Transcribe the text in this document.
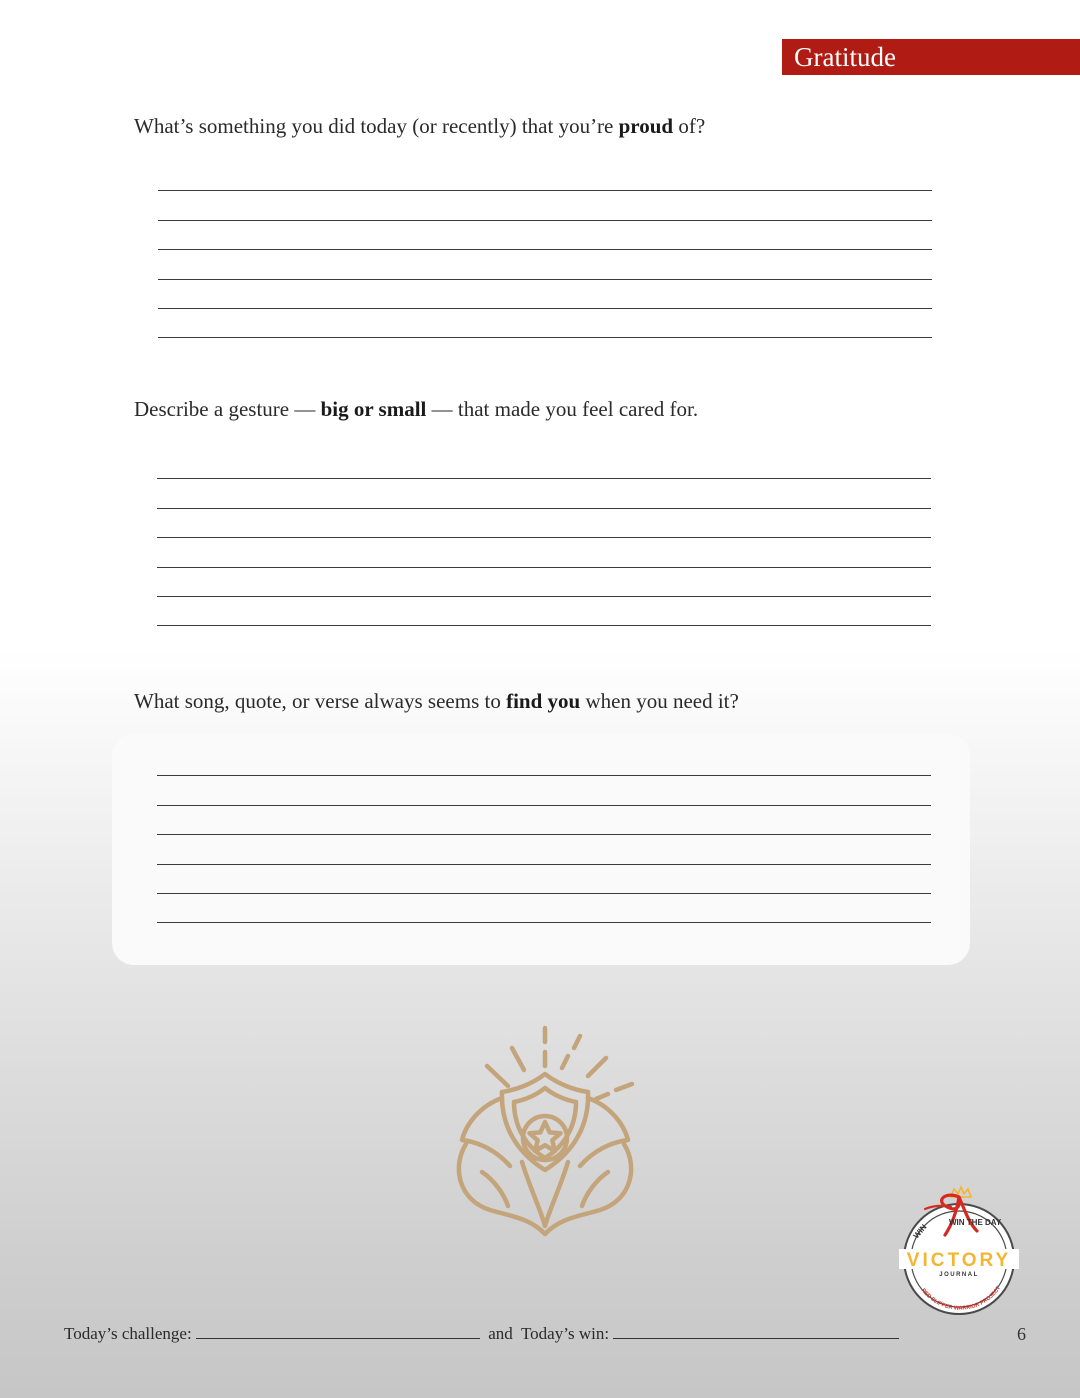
Gratitude
What’s something you did today (or recently) that you’re proud of?
Describe a gesture — big or small — that made you feel cared for.
What song, quote, or verse always seems to find you when you need it?
WIN
WIN THE DAY
VICTORY
JOURNAL
RED SLIPPER WARRIOR PROJECT
Today’s challenge:	and Today’s win:	6
